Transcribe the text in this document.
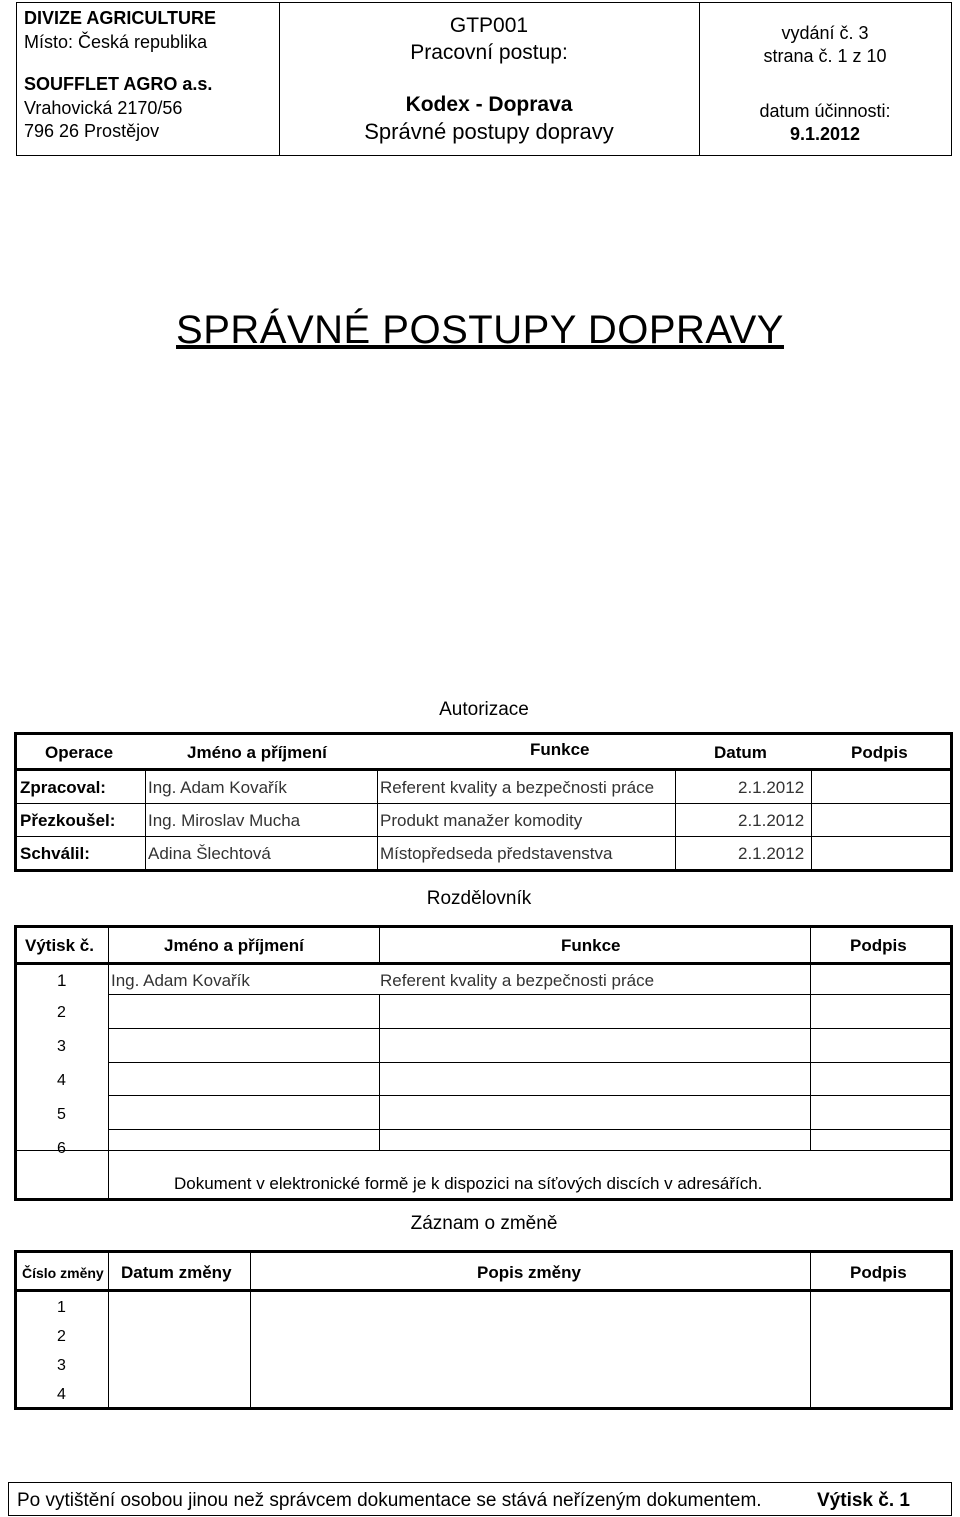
DIVIZE AGRICULTURE
Místo: Česká republika
SOUFFLET AGRO a.s.
Vrahovická 2170/56
796 26 Prostějov
GTP001
Pracovní postup:
Kodex - Doprava
Správné postupy dopravy
vydání č. 3
strana č. 1 z 10
datum účinnosti:
9.1.2012
SPRÁVNÉ POSTUPY DOPRAVY
Autorizace
Operace	Jméno a příjmení	Funkce	Datum	Podpis
Zpracoval: Ing. Adam Kovařík	Referent kvality a bezpečnosti práce	2.1.2012
Přezkoušel: Ing. Miroslav Mucha	Produkt manažer komodity	2.1.2012
Schválil:	Adina Šlechtová	Místopředseda představenstva	2.1.2012
Rozdělovník
Výtisk č.	Jméno a příjmení	Funkce	Podpis
1	Ing. Adam Kovařík	Referent kvality a bezpečnosti práce
2
3
4
5
6
Dokument v elektronické formě je k dispozici na síťových discích v adresářích.
Záznam o změně
Číslo změny Datum změny	Popis změny	Podpis
1
2
3
4
Po vytištění osobou jinou než správcem dokumentace se stává neřízeným dokumentem.	Výtisk č. 1
